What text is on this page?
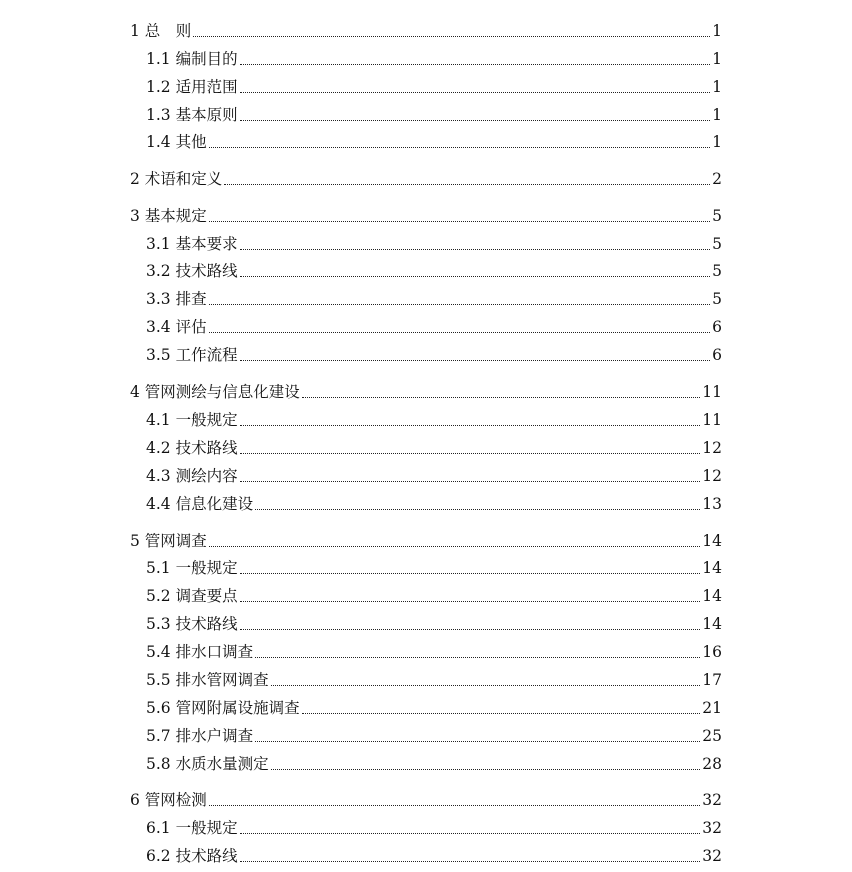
1 总　则	1
1.1 编制目的	1
1.2 适用范围	1
1.3 基本原则	1
1.4 其他	1
2 术语和定义	2
3 基本规定	5
3.1 基本要求	5
3.2 技术路线	5
3.3 排查	5
3.4 评估	6
3.5 工作流程	6
4 管网测绘与信息化建设	11
4.1 一般规定	11
4.2 技术路线	12
4.3 测绘内容	12
4.4 信息化建设	13
5 管网调查	14
5.1 一般规定	14
5.2 调查要点	14
5.3 技术路线	14
5.4 排水口调查	16
5.5 排水管网调查	17
5.6 管网附属设施调查	21
5.7 排水户调查	25
5.8 水质水量测定	28
6 管网检测	32
6.1 一般规定	32
6.2 技术路线	32
